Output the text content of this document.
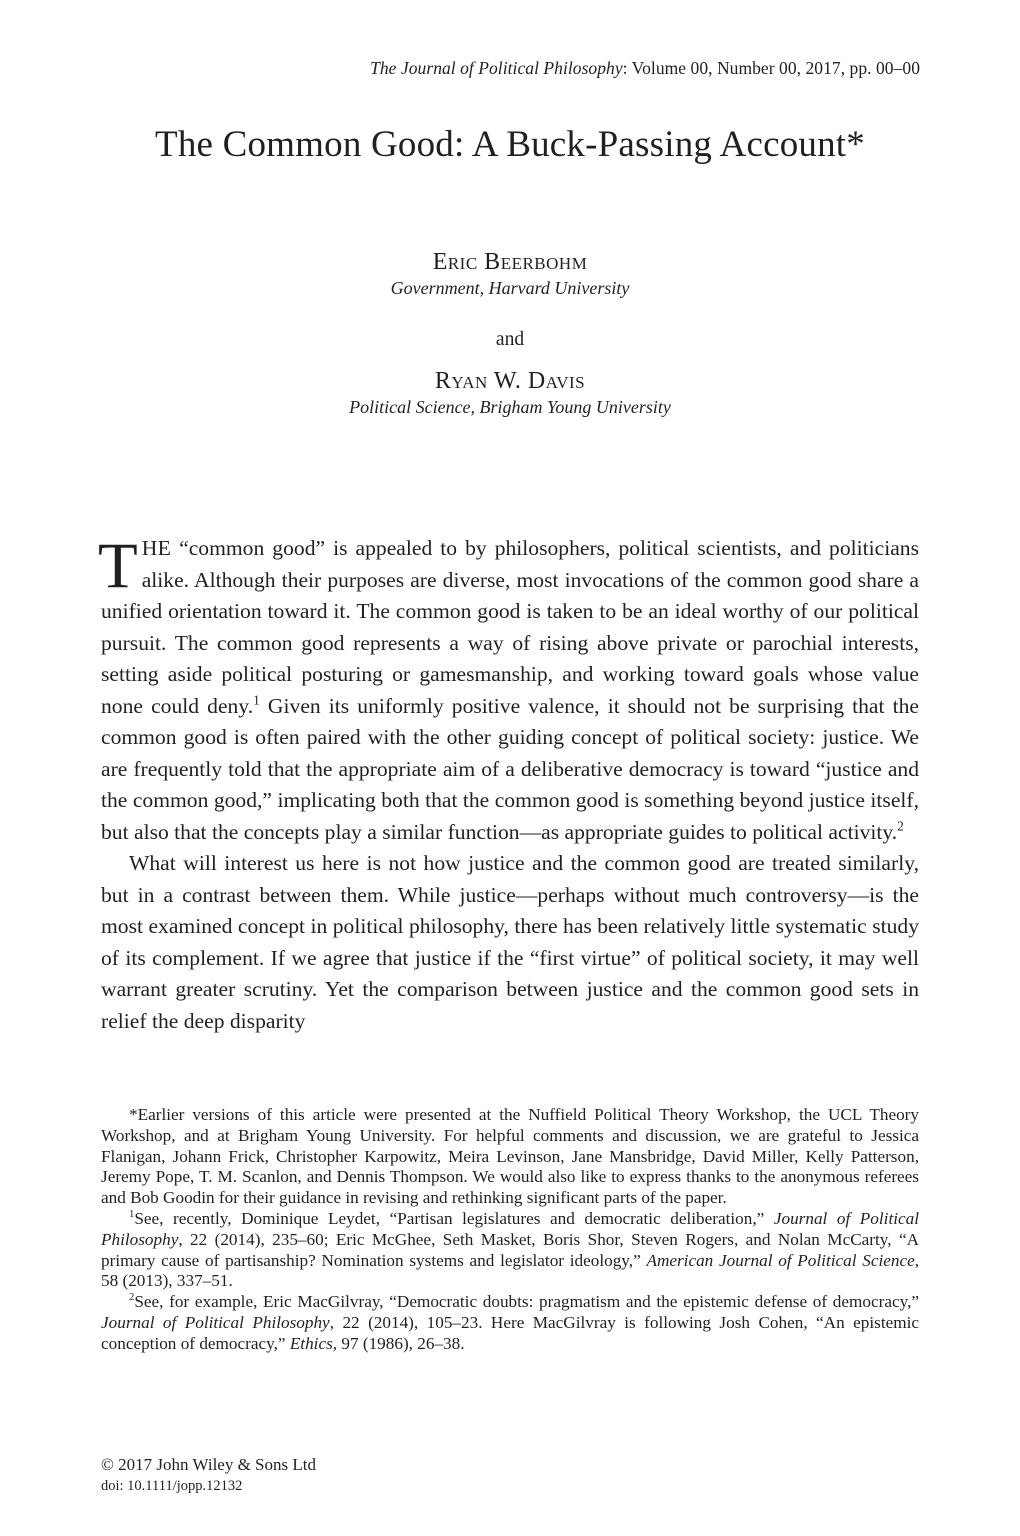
The Journal of Political Philosophy: Volume 00, Number 00, 2017, pp. 00–00
The Common Good: A Buck-Passing Account*
Eric Beerbohm
Government, Harvard University
and
Ryan W. Davis
Political Science, Brigham Young University

THE “common good” is appealed to by philosophers, political scientists, and politicians alike. Although their purposes are diverse, most invocations of the common good share a unified orientation toward it. The common good is taken to be an ideal worthy of our political pursuit. The common good represents a way of rising above private or parochial interests, setting aside political posturing or gamesmanship, and working toward goals whose value none could deny.$^1$ Given its uniformly positive valence, it should not be surprising that the common good is often paired with the other guiding concept of political society: justice. We are frequently told that the appropriate aim of a deliberative democracy is toward “justice and the common good,” implicating both that the common good is something beyond justice itself, but also that the concepts play a similar function—as appropriate guides to political activity.$^2$

What will interest us here is not how justice and the common good are treated similarly, but in a contrast between them. While justice—perhaps without much controversy—is the most examined concept in political philosophy, there has been relatively little systematic study of its complement. If we agree that justice if the “first virtue” of political society, it may well warrant greater scrutiny. Yet the comparison between justice and the common good sets in relief the deep disparity

*Earlier versions of this article were presented at the Nuffield Political Theory Workshop, the UCL Theory Workshop, and at Brigham Young University. For helpful comments and discussion, we are grateful to Jessica Flanigan, Johann Frick, Christopher Karpowitz, Meira Levinson, Jane Mansbridge, David Miller, Kelly Patterson, Jeremy Pope, T. M. Scanlon, and Dennis Thompson. We would also like to express thanks to the anonymous referees and Bob Goodin for their guidance in revising and rethinking significant parts of the paper.

$^1$See, recently, Dominique Leydet, “Partisan legislatures and democratic deliberation,” Journal of Political Philosophy, 22 (2014), 235–60; Eric McGhee, Seth Masket, Boris Shor, Steven Rogers, and Nolan McCarty, “A primary cause of partisanship? Nomination systems and legislator ideology,” American Journal of Political Science, 58 (2013), 337–51.

$^2$See, for example, Eric MacGilvray, “Democratic doubts: pragmatism and the epistemic defense of democracy,” Journal of Political Philosophy, 22 (2014), 105–23. Here MacGilvray is following Josh Cohen, “An epistemic conception of democracy,” Ethics, 97 (1986), 26–38.

© 2017 John Wiley & Sons Ltd
doi: 10.1111/jopp.12132
